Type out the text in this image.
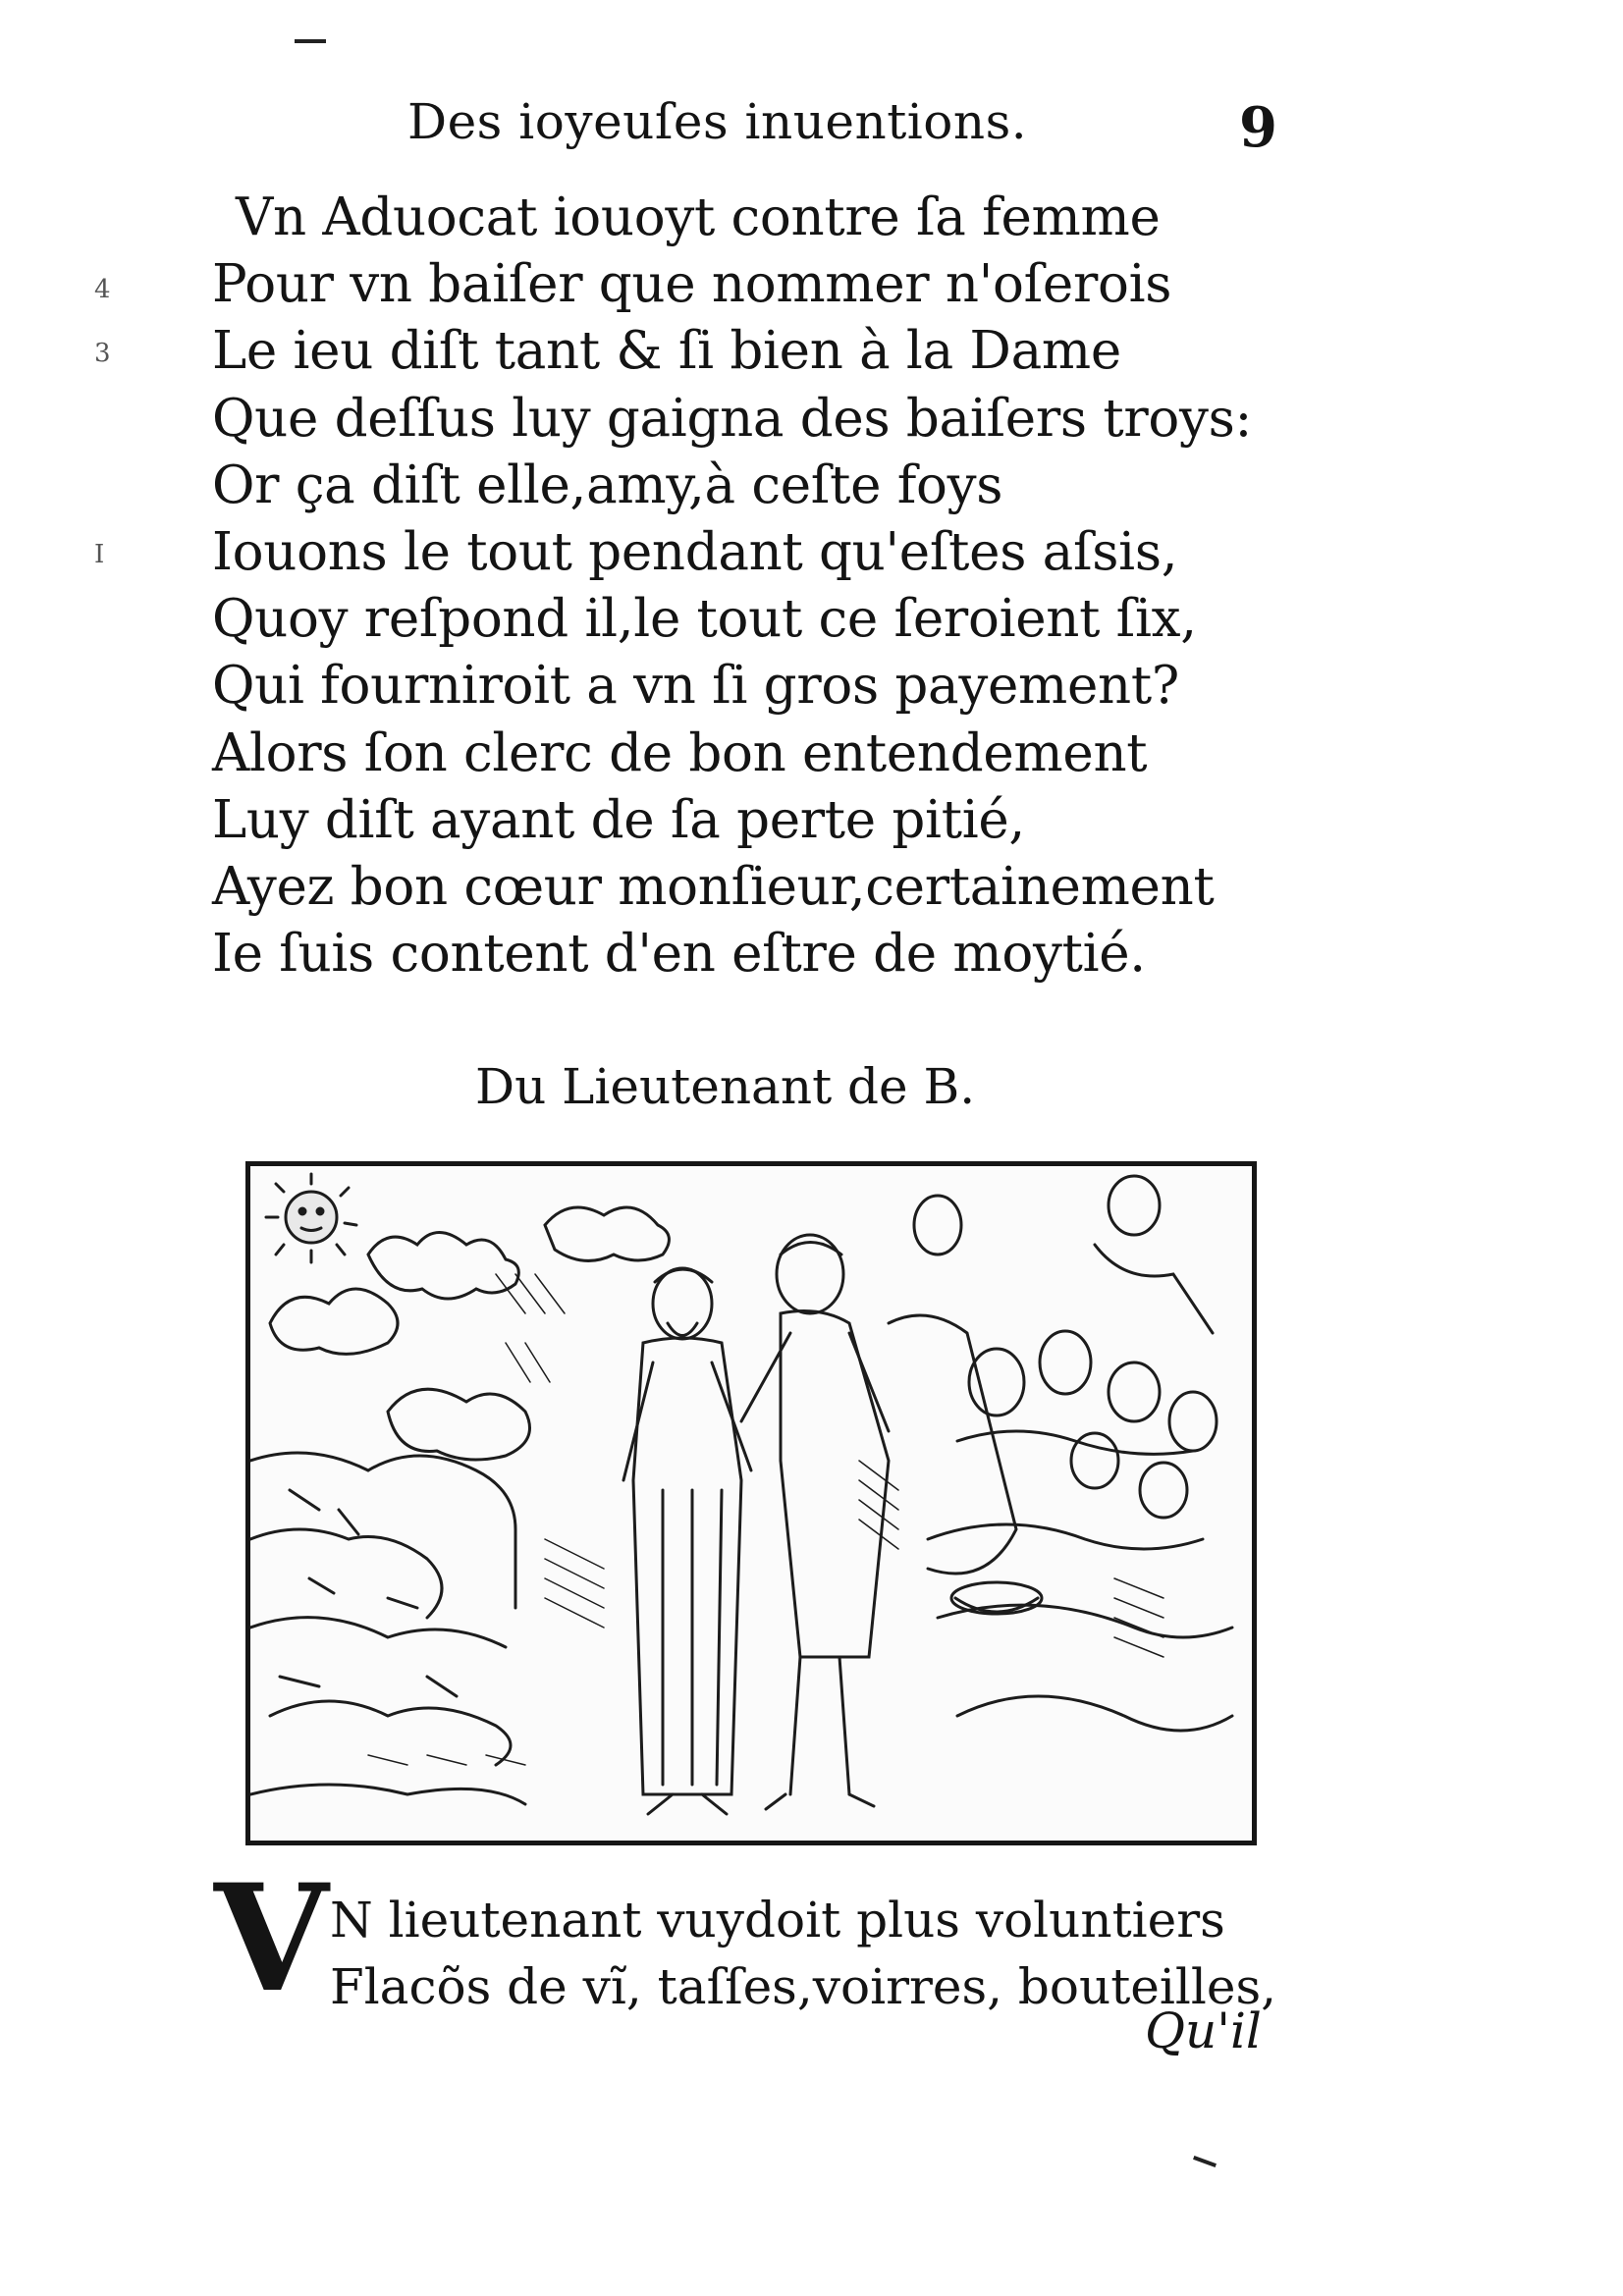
Des ioyeuſes inuentions.	9
4
3
I
Vn Aduocat iouoyt contre ſa femme
Pour vn baiſer que nommer n'oſerois
Le ieu diſt tant & ſi bien à la Dame
Que deſſus luy gaigna des baiſers troys:
Or ça diſt elle,amy,à ceſte foys
Iouons le tout pendant qu'eſtes aſsis,
Quoy reſpond il,le tout ce ſeroient ſix,
Qui fourniroit a vn ſi gros payement?
Alors ſon clerc de bon entendement
Luy diſt ayant de ſa perte pitié,
Ayez bon cœur monſieur,certainement
Ie ſuis content d'en eſtre de moytié.
Du Lieutenant de B.
V N lieutenant vuydoit plus voluntiers
Flacõs de vĩ, taſſes,voirres, bouteilles,
Qu'il
